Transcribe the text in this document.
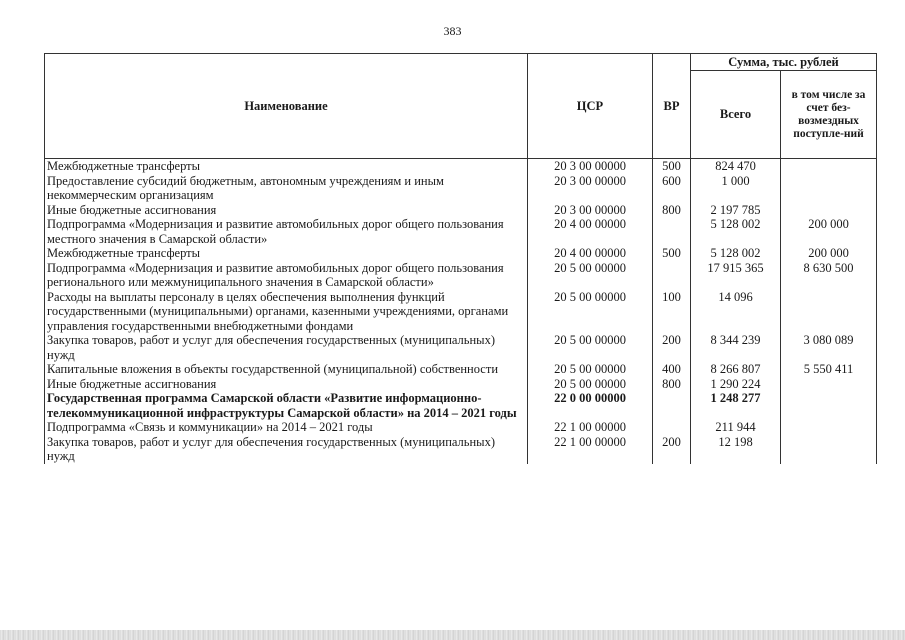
383
Наименование	ЦСР	ВР	Сумма, тыс. рублей	
			Всего	в том числе за счет без-возмездных поступле-ний
Межбюджетные трансферты	20 3 00 00000	500	824 470	
Предоставление субсидий бюджетным, автономным учреждениям и иным некоммерческим организациям	20 3 00 00000	600	1 000	
Иные бюджетные ассигнования	20 3 00 00000	800	2 197 785	
Подпрограмма «Модернизация и развитие автомобильных дорог общего пользования местного значения в Самарской области»	20 4 00 00000		5 128 002	200 000
Межбюджетные трансферты	20 4 00 00000	500	5 128 002	200 000
Подпрограмма «Модернизация и развитие автомобильных дорог общего пользования регионального или межмуниципального значения в Самарской области»	20 5 00 00000		17 915 365	8 630 500
Расходы на выплаты персоналу в целях обеспечения выполнения функций государственными (муниципальными) органами, казенными учреждениями, органами управления государственными внебюджетными фондами	20 5 00 00000	100	14 096	
Закупка товаров, работ и услуг для обеспечения государственных (муниципальных) нужд	20 5 00 00000	200	8 344 239	3 080 089
Капитальные вложения в объекты государственной (муниципальной) собственности	20 5 00 00000	400	8 266 807	5 550 411
Иные бюджетные ассигнования	20 5 00 00000	800	1 290 224	
Государственная программа Самарской области «Развитие информационно-телекоммуникационной инфраструктуры Самарской области» на 2014 – 2021 годы	22 0 00 00000		1 248 277	
Подпрограмма «Связь и коммуникации» на 2014 – 2021 годы	22 1 00 00000		211 944	
Закупка товаров, работ и услуг для обеспечения государственных (муниципальных) нужд	22 1 00 00000	200	12 198	
